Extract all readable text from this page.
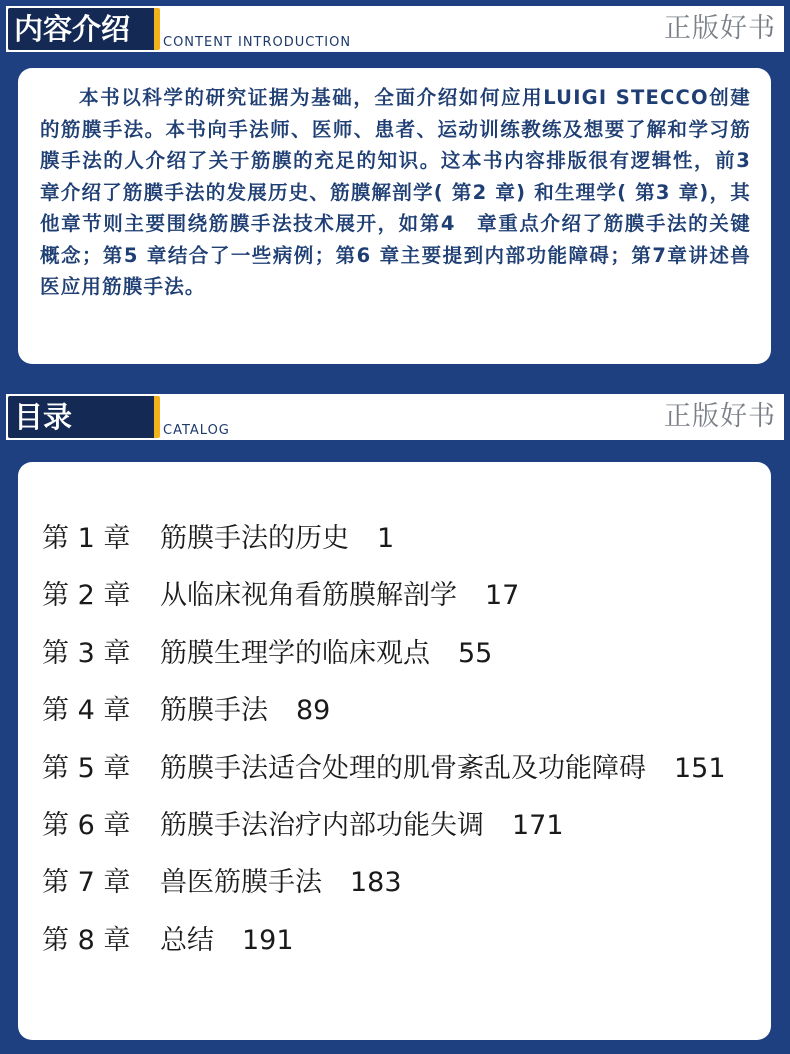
内容介绍	CONTENT INTRODUCTION	正版好书

本书以科学的研究证据为基础，全面介绍如何应用LUIGI STECCO创建的筋膜手法。本书向手法师、医师、患者、运动训练教练及想要了解和学习筋膜手法的人介绍了关于筋膜的充足的知识。这本书内容排版很有逻辑性，前3章介绍了筋膜手法的发展历史、筋膜解剖学( 第2 章) 和生理学( 第3 章)，其他章节则主要围绕筋膜手法技术展开，如第4　章重点介绍了筋膜手法的关键概念；第5 章结合了一些病例；第6 章主要提到内部功能障碍；第7章讲述兽医应用筋膜手法。

目录	CATALOG	正版好书
第 1 章 筋膜手法的历史 1
第 2 章 从临床视角看筋膜解剖学 17
第 3 章 筋膜生理学的临床观点 55
第 4 章 筋膜手法 89
第 5 章 筋膜手法适合处理的肌骨紊乱及功能障碍 151
第 6 章 筋膜手法治疗内部功能失调 171
第 7 章 兽医筋膜手法 183
第 8 章 总结 191
